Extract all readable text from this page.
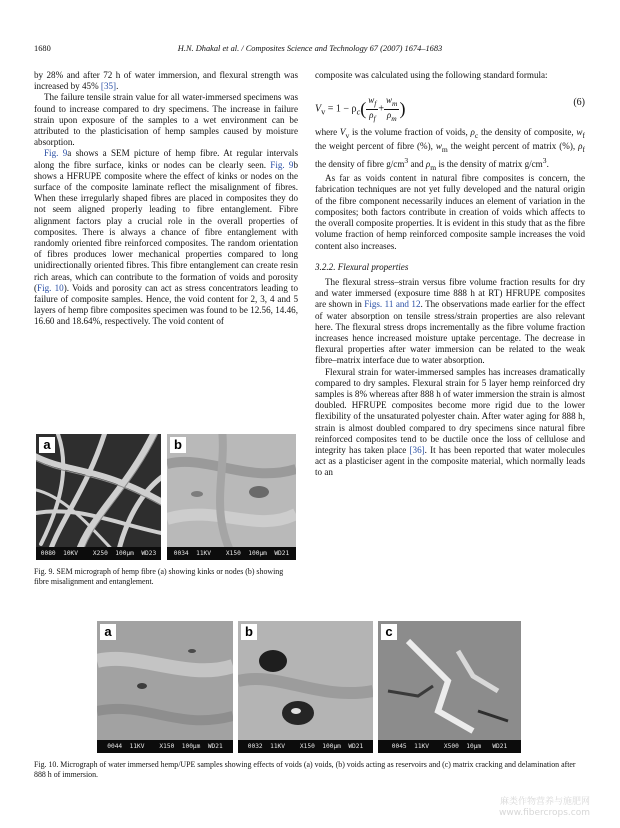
1680	H.N. Dhakal et al. / Composites Science and Technology 67 (2007) 1674–1683

by 28% and after 72 h of water immersion, and flexural strength was increased by 45% [35].

The failure tensile strain value for all water-immersed specimens was found to increase compared to dry specimens. The increase in failure strain upon exposure of the samples to a wet environment can be attributed to the plasticisation of hemp samples caused by moisture absorption.

Fig. 9a shows a SEM picture of hemp fibre. At regular intervals along the fibre surface, kinks or nodes can be clearly seen. Fig. 9b shows a HFRUPE composite where the effect of kinks or nodes on the surface of the composite laminate reflect the misalignment of fibres. When these irregularly shaped fibres are placed in composites they do not seem aligned properly leading to fibre entanglement. Fibre alignment factors play a crucial role in the overall properties of composites. There is always a chance of fibre entanglement with randomly oriented fibre reinforced composites. The random orientation of fibres produces lower mechanical properties compared to long unidirectionally oriented fibres. This fibre entanglement can create resin rich areas, which can contribute to the formation of voids and porosity (Fig. 10). Voids and porosity can act as stress concentrators leading to failure of composite samples. Hence, the void content for 2, 3, 4 and 5 layers of hemp fibre composites specimen was found to be 12.56, 14.46, 16.60 and 18.64%, respectively. The void content of

composite was calculated using the following standard formula:

$V_v = 1 - \rho_c( \frac{w_f}{\rho_f} + \frac{w_m}{\rho_m}$ )	(6)

where $V_v$ is the volume fraction of voids, $\rho_c$ the density of composite, $w_f$ the weight percent of fibre (%), $w_m$ the weight percent of matrix (%), $\rho_f$ the density of fibre $g/cm^3$ and $\rho_m$ is the density of matrix $g/cm^3$.

As far as voids content in natural fibre composites is concern, the fabrication techniques are not yet fully developed and the natural origin of the fibre component necessarily induces an element of variation in the composites; both factors contribute in creation of voids which affects to the overall composite properties. It is evident in this study that as the fibre volume fraction of hemp reinforced composite sample increases the void content also increases.

3.2.2. Flexural properties

The flexural stress–strain versus fibre volume fraction results for dry and water immersed (exposure time 888 h at RT) HFRUPE composites are shown in Figs. 11 and 12. The observations made earlier for the effect of water absorption on tensile stress/strain properties are also relevant here. The flexural stress drops incrementally as the fibre volume fraction increases hence increased moisture uptake percentage. The decrease in flexural properties after water immersion can be related to the weak fibre–matrix interface due to water absorption.

Flexural strain for water-immersed samples has increases dramatically compared to dry samples. Flexural strain for 5 layer hemp reinforced dry samples is 8% whereas after 888 h of water immersion the strain is almost doubled. HFRUPE composites become more rigid due to the lower flexibility of the unsaturated polyester chain. After water aging for 888 h, strain is almost doubled compared to dry specimens since natural fibre reinforced composites tend to be ductile once the loss of cellulose and integrity has taken place [36]. It has been reported that water molecules act as a plasticiser agent in the composite material, which normally leads to an

a
0080  10KV    X250  100µm  WD23
b
0034  11KV    X150  100µm  WD21
Fig. 9. SEM micrograph of hemp fibre (a) showing kinks or nodes (b) showing fibre misalignment and entanglement.
a
0044  11KV    X150  100µm  WD21
b
0032  11KV    X150  100µm  WD21
c
0045  11KV    X500  10µm   WD21
Fig. 10. Micrograph of water immersed hemp/UPE samples showing effects of voids (a) voids, (b) voids acting as reservoirs and (c) matrix cracking and delamination after 888 h of immersion.
麻类作物营养与施肥网
www.fibercrops.com
